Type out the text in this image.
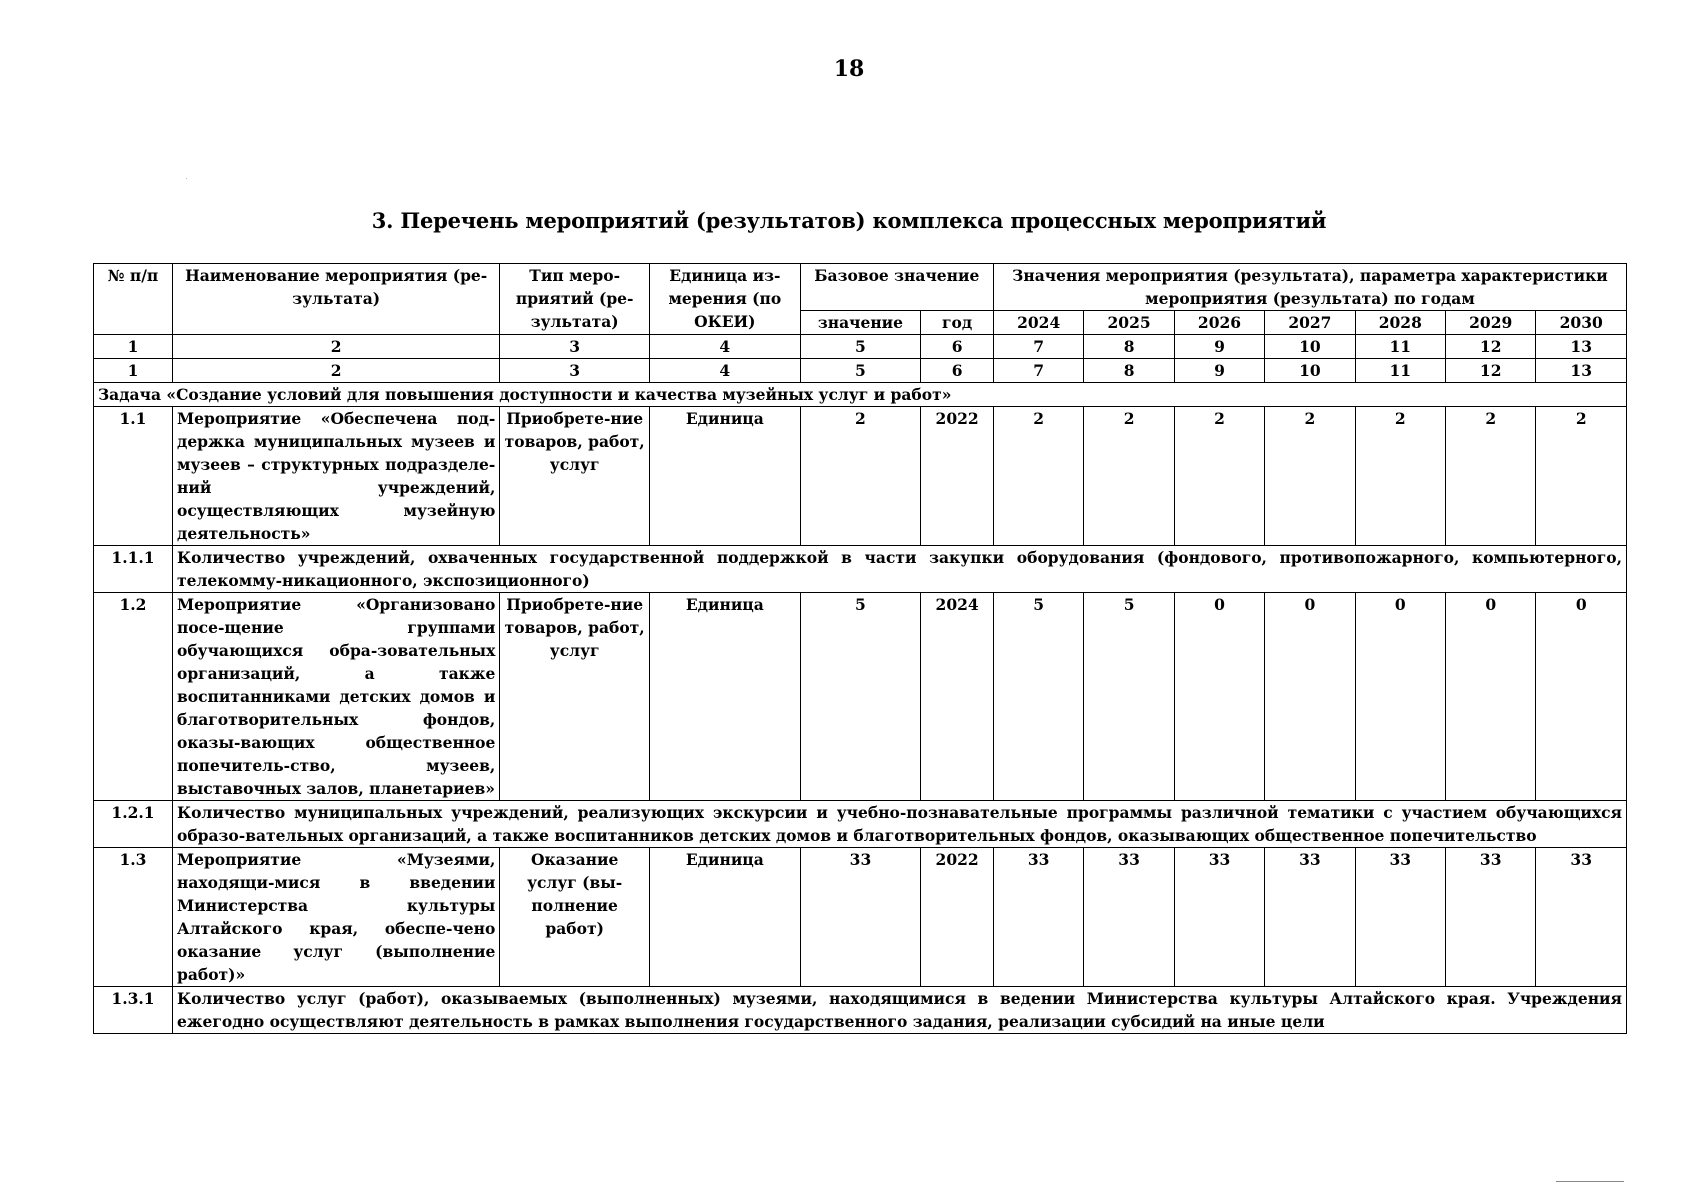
18
3. Перечень мероприятий (результатов) комплекса процессных мероприятий
№ п/п	Наименование мероприятия (ре-зультата)	Тип меро-приятий (ре-зультата)	Единица из-мерения (по ОКЕИ)	Базовое значение		Значения мероприятия (результата), параметра характеристики мероприятия (результата) по годам						
				значение	год	2024	2025	2026	2027	2028	2029	2030
1	2	3	4	5	6	7	8	9	10	11	12	13
1	2	3	4	5	6	7	8	9	10	11	12	13
Задача «Создание условий для повышения доступности и качества музейных услуг и работ»												
1.1	Мероприятие «Обеспечена под-держка муниципальных музеев и музеев – структурных подразделе-ний учреждений, осуществляющих музейную деятельность»	Приобрете-ние товаров, работ, услуг	Единица	2	2022	2	2	2	2	2	2	2
1.1.1	Количество учреждений, охваченных государственной поддержкой в части закупки оборудования (фондового, противопожарного, компьютерного, телекомму-никационного, экспозиционного)											
1.2	Мероприятие «Организовано посе-щение группами обучающихся обра-зовательных организаций, а также воспитанниками детских домов и благотворительных фондов, оказы-вающих общественное попечитель-ство, музеев, выставочных залов, планетариев»	Приобрете-ние товаров, работ, услуг	Единица	5	2024	5	5	0	0	0	0	0
1.2.1	Количество муниципальных учреждений, реализующих экскурсии и учебно-познавательные программы различной тематики с участием обучающихся образо-вательных организаций, а также воспитанников детских домов и благотворительных фондов, оказывающих общественное попечительство											
1.3	Мероприятие «Музеями, находящи-мися в введении Министерства культуры Алтайского края, обеспе-чено оказание услуг (выполнение работ)»	Оказание услуг (вы-полнение работ)	Единица	33	2022	33	33	33	33	33	33	33
1.3.1	Количество услуг (работ), оказываемых (выполненных) музеями, находящимися в ведении Министерства культуры Алтайского края. Учреждения ежегодно осуществляют деятельность в рамках выполнения государственного задания, реализации субсидий на иные цели											
